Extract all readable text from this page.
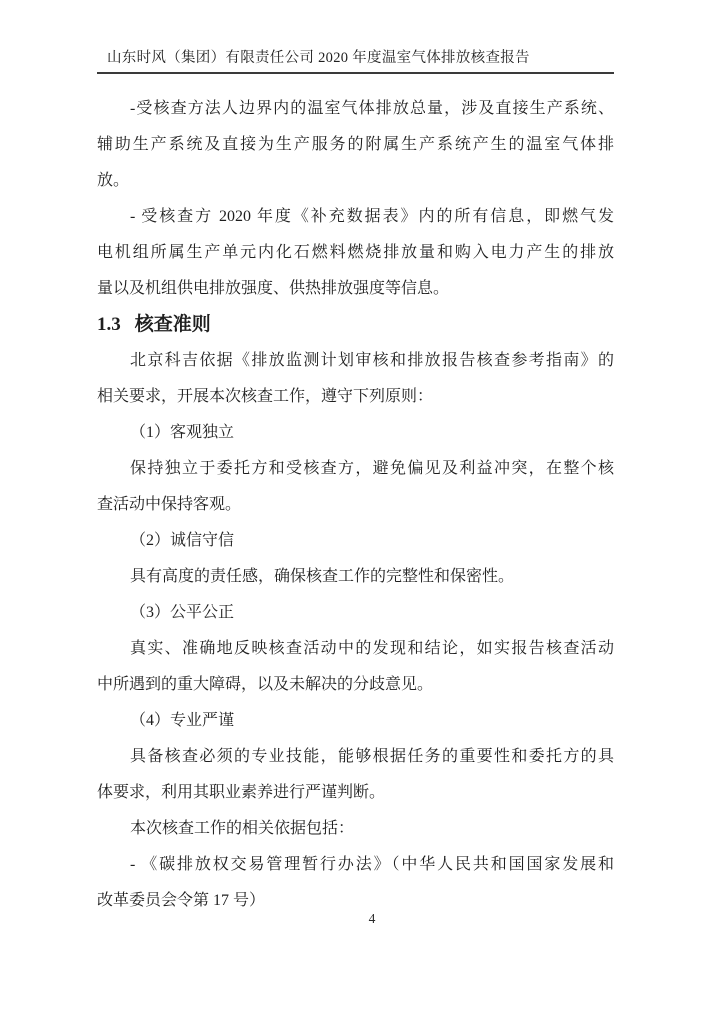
山东时风（集团）有限责任公司 2020 年度温室气体排放核查报告

-受核查方法人边界内的温室气体排放总量，涉及直接生产系统、
辅助生产系统及直接为生产服务的附属生产系统产生的温室气体排
放。

- 受核查方 2020 年度《补充数据表》内的所有信息，即燃气发
电机组所属生产单元内化石燃料燃烧排放量和购入电力产生的排放
量以及机组供电排放强度、供热排放强度等信息。

1.3 核查准则

北京科吉依据《排放监测计划审核和排放报告核查参考指南》的
相关要求，开展本次核查工作，遵守下列原则：

（1）客观独立

保持独立于委托方和受核查方，避免偏见及利益冲突，在整个核
查活动中保持客观。

（2）诚信守信

具有高度的责任感，确保核查工作的完整性和保密性。

（3）公平公正

真实、准确地反映核查活动中的发现和结论，如实报告核查活动
中所遇到的重大障碍，以及未解决的分歧意见。

（4）专业严谨

具备核查必须的专业技能，能够根据任务的重要性和委托方的具
体要求，利用其职业素养进行严谨判断。

本次核查工作的相关依据包括：

- 《碳排放权交易管理暂行办法》（中华人民共和国国家发展和
改革委员会令第 17 号）

4
